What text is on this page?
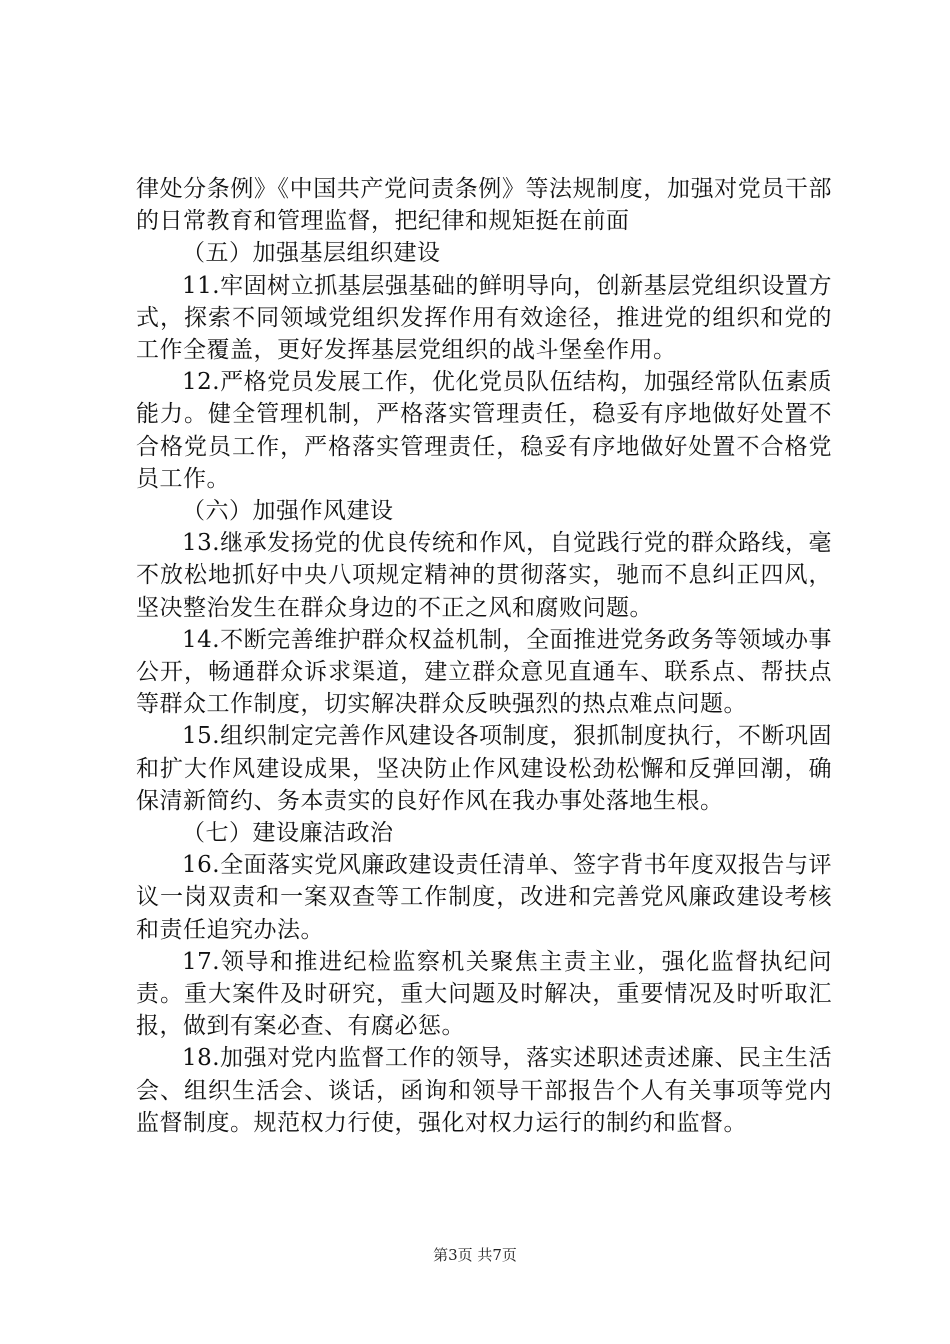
律处分条例》《中国共产党问责条例》等法规制度，加强对党员干部的日常教育和管理监督，把纪律和规矩挺在前面

（五）加强基层组织建设

11.牢固树立抓基层强基础的鲜明导向，创新基层党组织设置方式，探索不同领域党组织发挥作用有效途径，推进党的组织和党的工作全覆盖，更好发挥基层党组织的战斗堡垒作用。

12.严格党员发展工作，优化党员队伍结构，加强经常队伍素质能力。健全管理机制，严格落实管理责任，稳妥有序地做好处置不合格党员工作，严格落实管理责任，稳妥有序地做好处置不合格党员工作。

（六）加强作风建设

13.继承发扬党的优良传统和作风，自觉践行党的群众路线，毫不放松地抓好中央八项规定精神的贯彻落实，驰而不息纠正四风，坚决整治发生在群众身边的不正之风和腐败问题。

14.不断完善维护群众权益机制，全面推进党务政务等领域办事公开，畅通群众诉求渠道，建立群众意见直通车、联系点、帮扶点等群众工作制度，切实解决群众反映强烈的热点难点问题。

15.组织制定完善作风建设各项制度，狠抓制度执行，不断巩固和扩大作风建设成果，坚决防止作风建设松劲松懈和反弹回潮，确保清新简约、务本责实的良好作风在我办事处落地生根。

（七）建设廉洁政治

16.全面落实党风廉政建设责任清单、签字背书年度双报告与评议一岗双责和一案双查等工作制度，改进和完善党风廉政建设考核和责任追究办法。

17.领导和推进纪检监察机关聚焦主责主业，强化监督执纪问责。重大案件及时研究，重大问题及时解决，重要情况及时听取汇报，做到有案必查、有腐必惩。

18.加强对党内监督工作的领导，落实述职述责述廉、民主生活会、组织生活会、谈话，函询和领导干部报告个人有关事项等党内监督制度。规范权力行使，强化对权力运行的制约和监督。

第3页 共7页
